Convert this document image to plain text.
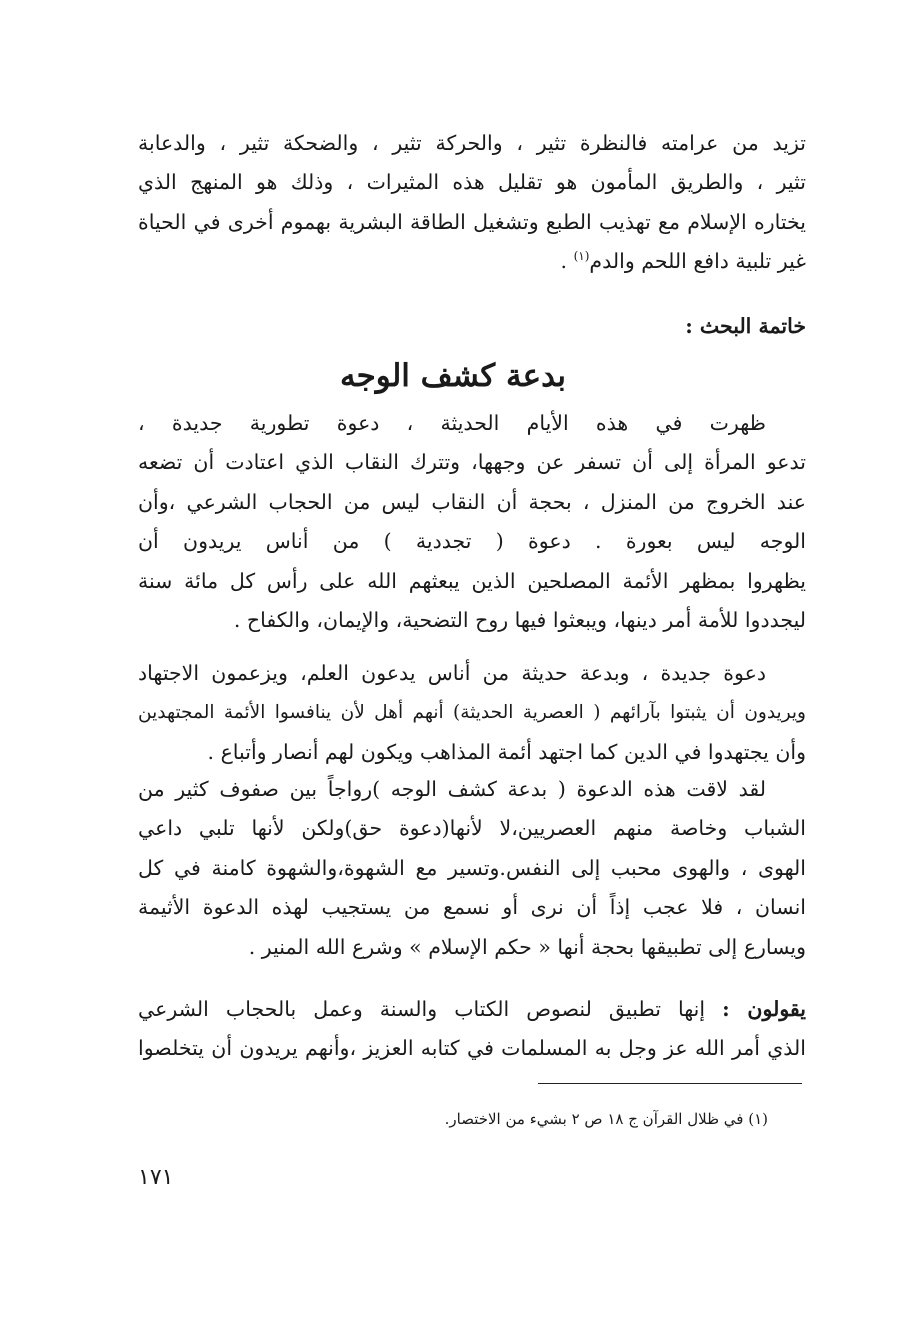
تزيد من عرامته فالنظرة تثير ، والحركة تثير ، والضحكة تثير ، والدعابة
تثير ، والطريق المأمون هو تقليل هذه المثيرات ، وذلك هو المنهج الذي
يختاره الإسلام مع تهذيب الطبع وتشغيل الطاقة البشرية بهموم أخرى في الحياة
غير تلبية دافع اللحم والدم$^{(١)}$ .
خاتمة البحث :
بدعة كشف الوجه
ظهرت في هذه الأيام الحديثة ، دعوة تطورية جديدة ،
تدعو المرأة إلى أن تسفر عن وجهها، وتترك النقاب الذي اعتادت أن تضعه
عند الخروج من المنزل ، بحجة أن النقاب ليس من الحجاب الشرعي ،وأن
الوجه ليس بعورة . دعوة ( تجددية ) من أناس يريدون أن
يظهروا بمظهر الأئمة المصلحين الذين يبعثهم الله على رأس كل مائة سنة
ليجددوا للأمة أمر دينها، ويبعثوا فيها روح التضحية، والإيمان، والكفاح .
دعوة جديدة ، وبدعة حديثة من أناس يدعون العلم، ويزعمون الاجتهاد
ويريدون أن يثبتوا بآرائهم ( العصرية الحديثة) أنهم أهل لأن ينافسوا الأئمة المجتهدين
وأن يجتهدوا في الدين كما اجتهد أئمة المذاهب ويكون لهم أنصار وأتباع .
لقد لاقت هذه الدعوة ( بدعة كشف الوجه )رواجاً بين صفوف كثير من
الشباب وخاصة منهم العصريين،لا لأنها(دعوة حق)ولكن لأنها تلبي داعي
الهوى ، والهوى محبب إلى النفس.وتسير مع الشهوة،والشهوة كامنة في كل
انسان ، فلا عجب إذاً أن نرى أو نسمع من يستجيب لهذه الدعوة الأثيمة
ويسارع إلى تطبيقها بحجة أنها « حكم الإسلام » وشرع الله المنير .
يقولون : إنها تطبيق لنصوص الكتاب والسنة وعمل بالحجاب الشرعي
الذي أمر الله عز وجل به المسلمات في كتابه العزيز ،وأنهم يريدون أن يتخلصوا
(١) في ظلال القرآن ج ١٨ ص ٢ بشيء من الاختصار.
١٧١
